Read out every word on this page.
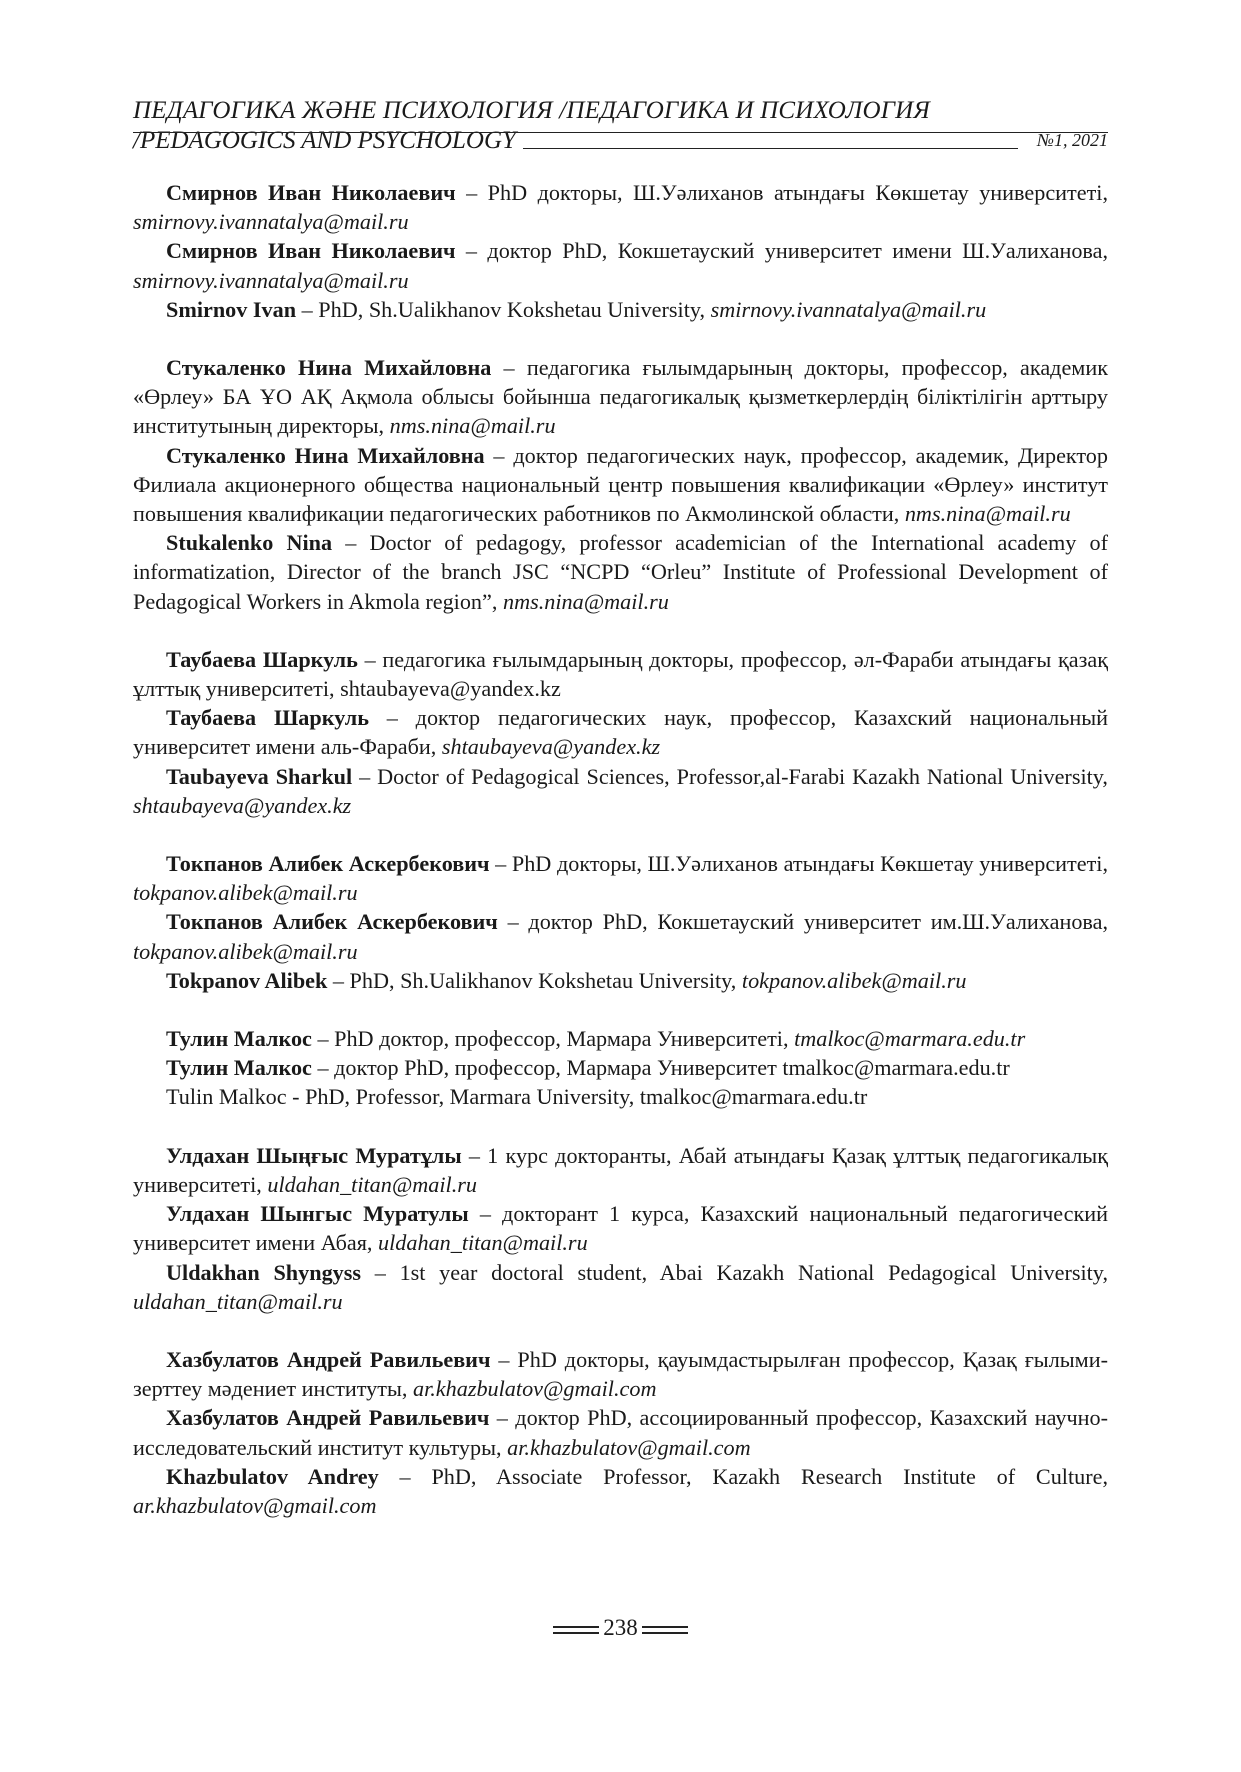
ПЕДАГОГИКА ЖӘНЕ ПСИХОЛОГИЯ /ПЕДАГОГИКА И ПСИХОЛОГИЯ
/PEDAGOGICS AND PSYCHOLOGY	№1, 2021

Смирнов Иван Николаевич – PhD докторы, Ш.Уәлиханов атындағы Көкшетау университеті, smirnovy.ivannatalya@mail.ru

Смирнов Иван Николаевич – доктор PhD, Кокшетауский университет имени Ш.Уалиханова, smirnovy.ivannatalya@mail.ru

Smirnov Ivan – PhD, Sh.Ualikhanov Kokshetau University, smirnovy.ivannatalya@mail.ru

Стукаленко Нина Михайловна – педагогика ғылымдарының докторы, профессор, академик «Өрлеу» БА ҰО АҚ Ақмола облысы бойынша педагогикалық қызметкерлердің біліктілігін арттыру институтының директоры, nms.nina@mail.ru

Стукаленко Нина Михайловна – доктор педагогических наук, профессор, академик, Директор Филиала акционерного общества национальный центр повышения квалификации «Өрлеу» институт повышения квалификации педагогических работников по Акмолинской области, nms.nina@mail.ru

Stukalenko Nina – Doctor of pedagogy, professor academician of the International academy of informatization, Director of the branch JSC “NCPD “Orleu” Institute of Professional Development of Pedagogical Workers in Akmola region”, nms.nina@mail.ru

Таубаева Шаркуль – педагогика ғылымдарының докторы, профессор, әл-Фараби атындағы қазақ ұлттық университеті, shtaubayeva@yandex.kz

Таубаева Шаркуль – доктор педагогических наук, профессор, Казахский национальный университет имени аль-Фараби, shtaubayeva@yandex.kz

Taubayeva Sharkul – Doctor of Pedagogical Sciences, Professor,al-Farabi Kazakh National University, shtaubayeva@yandex.kz

Токпанов Алибек Аскербекович – PhD докторы, Ш.Уәлиханов атындағы Көкшетау университеті, tokpanov.alibek@mail.ru

Токпанов Алибек Аскербекович – доктор PhD, Кокшетауский университет им.Ш.Уалиханова, tokpanov.alibek@mail.ru

Tokpanov Alibek – PhD, Sh.Ualikhanov Kokshetau University, tokpanov.alibek@mail.ru

Тулин Малкос – PhD доктор, профессор, Мармара Университеті, tmalkoc@marmara.edu.tr

Тулин Малкос – доктор PhD, профессор, Мармара Университет tmalkoc@marmara.edu.tr

Tulin Malkoc - PhD, Professor, Marmara University, tmalkoc@marmara.edu.tr

Улдахан Шыңғыс Муратұлы – 1 курс докторанты, Абай атындағы Қазақ ұлттық педагогикалық университеті, uldahan_titan@mail.ru

Улдахан Шынгыс Муратулы – докторант 1 курса, Казахский национальный педагогический университет имени Абая, uldahan_titan@mail.ru

Uldakhan Shyngyss – 1st year doctoral student, Abai Kazakh National Pedagogical University, uldahan_titan@mail.ru

Хазбулатов Андрей Равильевич – PhD докторы, қауымдастырылған профессор, Қазақ ғылыми-зерттеу мәдениет институты, ar.khazbulatov@gmail.com

Хазбулатов Андрей Равильевич – доктор PhD, ассоциированный профессор, Казахский научно-исследовательский институт культуры, ar.khazbulatov@gmail.com

Khazbulatov Andrey – PhD, Associate Professor, Kazakh Research Institute of Culture, ar.khazbulatov@gmail.com

238
